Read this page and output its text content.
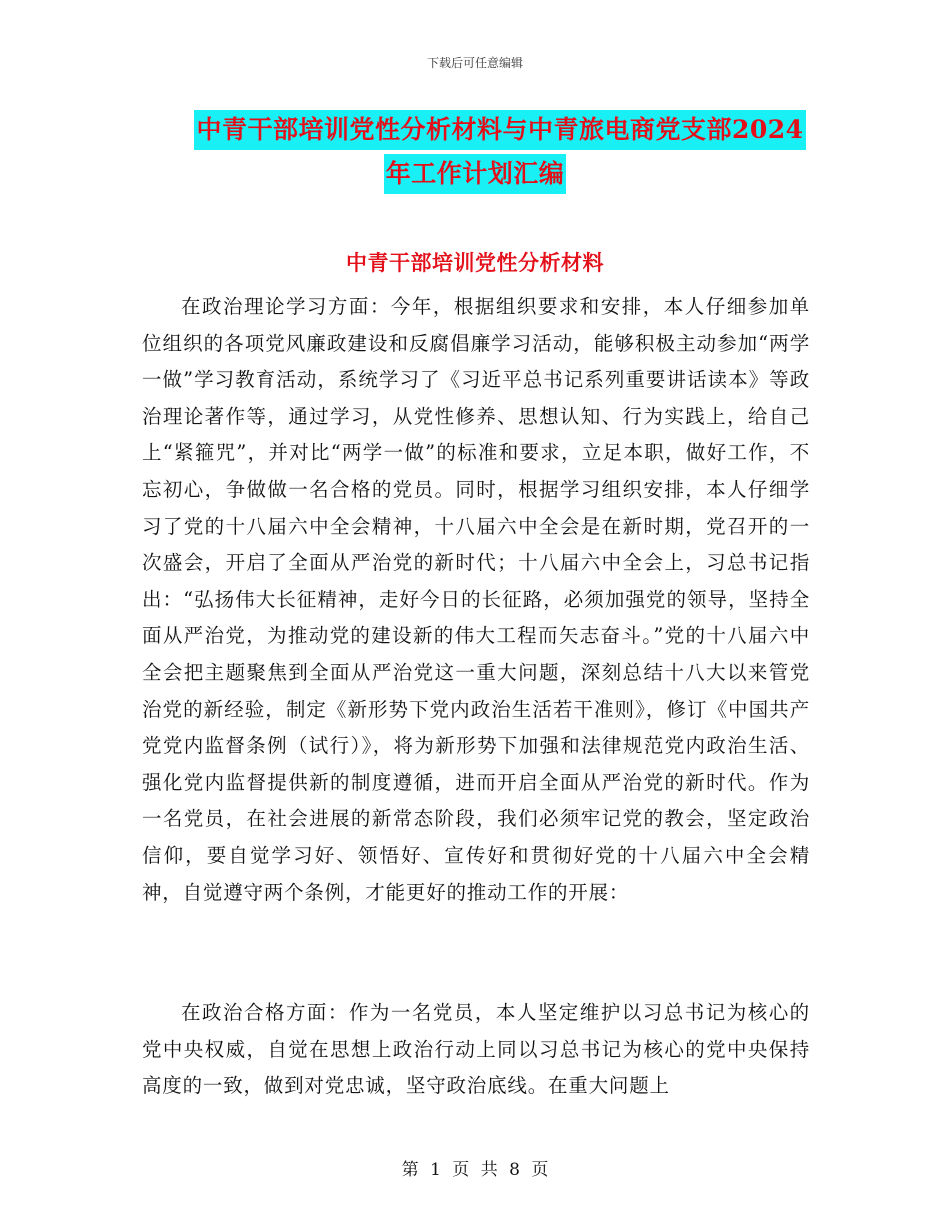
下载后可任意编辑
中青干部培训党性分析材料与中青旅电商党支部2024
年工作计划汇编
中青干部培训党性分析材料

在政治理论学习方面：今年，根据组织要求和安排，本人仔细参加单位组织的各项党风廉政建设和反腐倡廉学习活动，能够积极主动参加“两学一做”学习教育活动，系统学习了《习近平总书记系列重要讲话读本》等政治理论著作等，通过学习，从党性修养、思想认知、行为实践上，给自己上“紧箍咒”，并对比“两学一做”的标准和要求，立足本职，做好工作，不忘初心，争做做一名合格的党员。同时，根据学习组织安排，本人仔细学习了党的十八届六中全会精神，十八届六中全会是在新时期，党召开的一次盛会，开启了全面从严治党的新时代；十八届六中全会上，习总书记指出：“弘扬伟大长征精神，走好今日的长征路，必须加强党的领导，坚持全面从严治党，为推动党的建设新的伟大工程而矢志奋斗。”党的十八届六中全会把主题聚焦到全面从严治党这一重大问题，深刻总结十八大以来管党治党的新经验，制定《新形势下党内政治生活若干准则》，修订《中国共产党党内监督条例（试行）》，将为新形势下加强和法律规范党内政治生活、强化党内监督提供新的制度遵循，进而开启全面从严治党的新时代。作为一名党员，在社会进展的新常态阶段，我们必须牢记党的教会，坚定政治信仰，要自觉学习好、领悟好、宣传好和贯彻好党的十八届六中全会精神，自觉遵守两个条例，才能更好的推动工作的开展：

在政治合格方面：作为一名党员，本人坚定维护以习总书记为核心的党中央权威，自觉在思想上政治行动上同以习总书记为核心的党中央保持高度的一致，做到对党忠诚，坚守政治底线。在重大问题上

第 1 页 共 8 页
